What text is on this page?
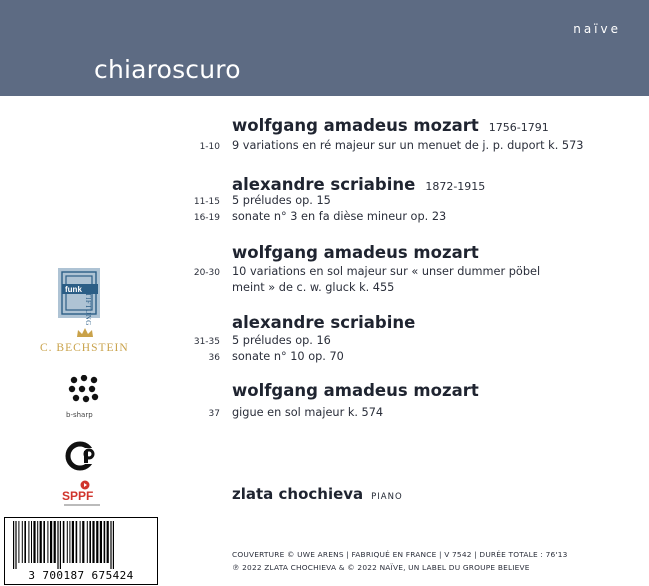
naïve
chiaroscuro
wolfgang amadeus mozart 1756-1791
1-10 9 variations en ré majeur sur un menuet de j. p. duport k. 573
alexandre scriabine 1872-1915
11-15 5 préludes op. 15
16-19 sonate n° 3 en fa dièse mineur op. 23
wolfgang amadeus mozart
20-30 10 variations en sol majeur sur « unser dummer pöbel
meint » de c. w. gluck k. 455
alexandre scriabine
31-35 5 préludes op. 16
36 sonate n° 10 op. 70
wolfgang amadeus mozart
37 gigue en sol majeur k. 574
zlata chochieva PIANO
COUVERTURE © UWE ARENS | FABRIQUÉ EN FRANCE | V 7542 | DURÉE TOTALE : 76'13
℗ 2022 ZLATA CHOCHIEVA & © 2022 NAÏVE, UN LABEL DU GROUPE BELIEVE
funk STIFTUNG
C. BECHSTEIN
b-sharp
SPPF
3 700187 675424
